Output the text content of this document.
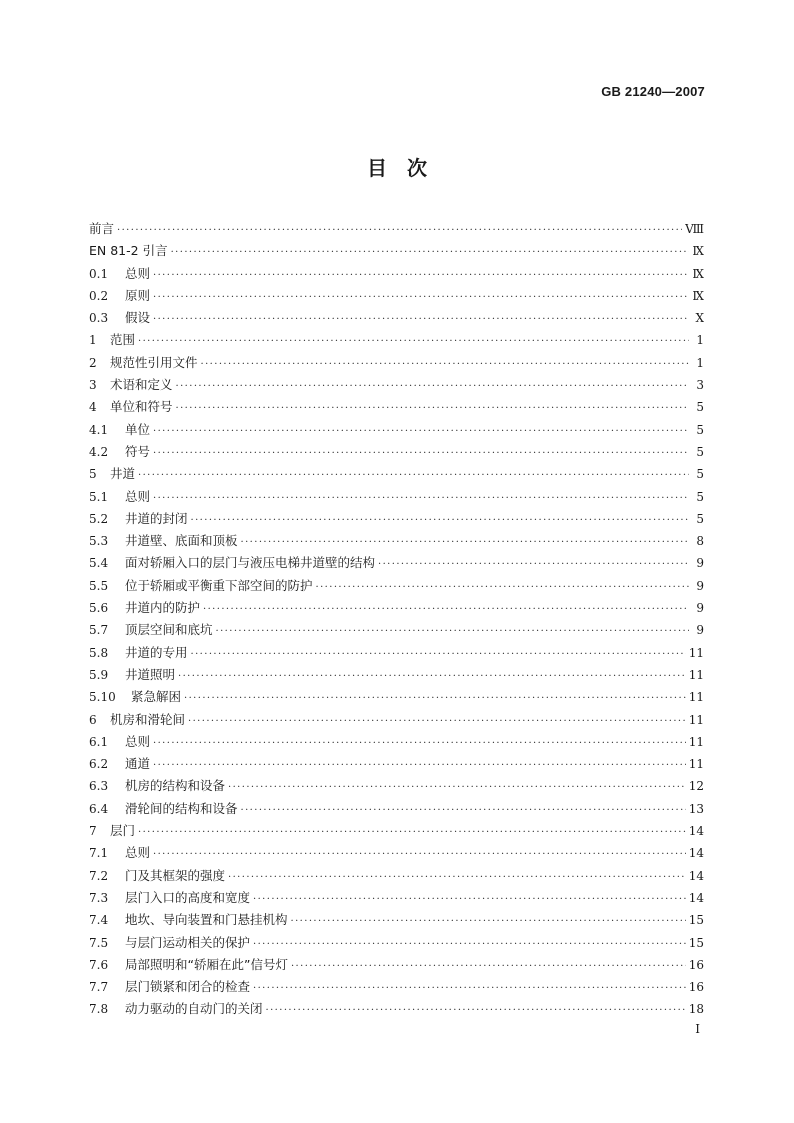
GB 21240—2007
目　次
前言 ·····	Ⅷ
EN 81-2 引言 ·····	Ⅸ
0.1	总则 ·····	Ⅸ
0.2	原则 ·····	Ⅸ
0.3	假设 ·····	Ⅹ
1	范围 ·····	1
2	规范性引用文件 ·····	1
3	术语和定义 ·····	3
4	单位和符号 ·····	5
4.1	单位 ·····	5
4.2	符号 ·····	5
5	井道 ·····	5
5.1	总则 ·····	5
5.2	井道的封闭 ·····	5
5.3	井道壁、底面和顶板 ·····	8
5.4	面对轿厢入口的层门与液压电梯井道壁的结构 ·····	9
5.5	位于轿厢或平衡重下部空间的防护 ·····	9
5.6	井道内的防护 ·····	9
5.7	顶层空间和底坑 ·····	9
5.8	井道的专用 ·····	11
5.9	井道照明 ·····	11
5.10	紧急解困 ·····	11
6	机房和滑轮间 ·····	11
6.1	总则 ·····	11
6.2	通道 ·····	11
6.3	机房的结构和设备 ·····	12
6.4	滑轮间的结构和设备 ·····	13
7	层门 ·····	14
7.1	总则 ·····	14
7.2	门及其框架的强度 ·····	14
7.3	层门入口的高度和宽度 ·····	14
7.4	地坎、导向装置和门悬挂机构 ·····	15
7.5	与层门运动相关的保护 ·····	15
7.6	局部照明和“轿厢在此”信号灯 ·····	16
7.7	层门锁紧和闭合的检查 ·····	16
7.8	动力驱动的自动门的关闭 ·····	18
Ⅰ
